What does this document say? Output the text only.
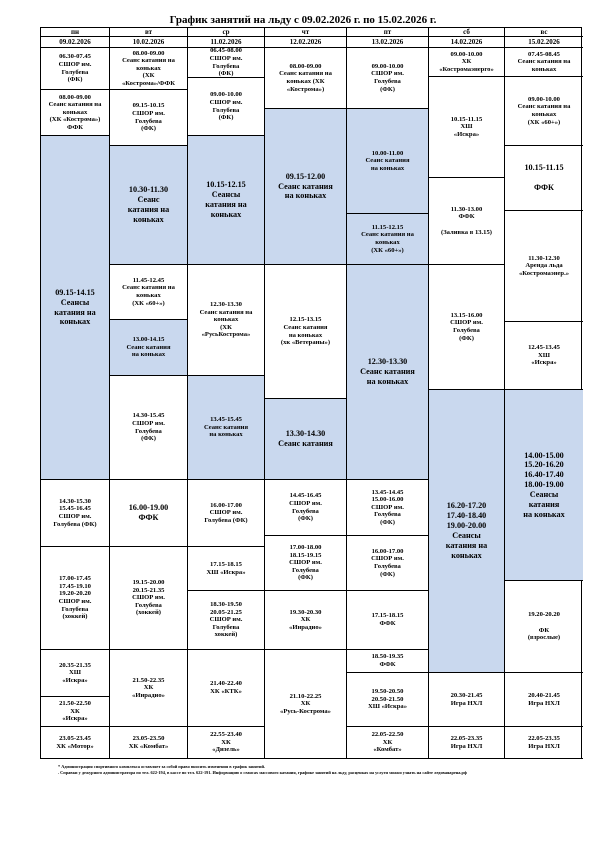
График занятий на льду с 09.02.2026 г. по 15.02.2026 г.
пн
09.02.2026
06.30-07.45
СШОР им.
Голубева
(ФК)
08.00-09.00
Сеанс катания на
коньках
(ХК «Кострома»)
ФФК
09.15-14.15
Сеансы
катания на
коньках
14.30-15.30
15.45-16.45
СШОР им.
Голубева (ФК)
17.00-17.45
17.45-19.10
19.20-20.20
СШОР им.
Голубева
(хоккей)
20.35-21.35
ХШ
«Искра»
21.50-22.50
ХК
«Искра»
23.05-23.45
ХК «Мотор»
вт
10.02.2026
08.00-09.00
Сеанс катания на
коньках
(ХК
«Кострома»/ФФК
09.15-10.15
СШОР им.
Голубева
(ФК)
10.30-11.30
Сеанс
катания на
коньках
11.45-12.45
Сеанс катания на
коньках
(ХК «60+»)
13.00-14.15
Сеанс катания
на коньках
14.30-15.45
СШОР им.
Голубева
(ФК)
16.00-19.00
ФФК
19.15-20.00
20.15-21.35
СШОР им.
Голубева
(хоккей)
21.50-22.35
ХК
«Инрадио»
23.05-23.50
ХК «Комбат»
ср
11.02.2026
06.45-08.00
СШОР им.
Голубева
(ФК)
09.00-10.00
СШОР им.
Голубева
(ФК)
10.15-12.15
Сеансы
катания на
коньках
12.30-13.30
Сеанс катания на
коньках
(ХК
«РусьКострома»
13.45-15.45
Сеанс катания
на коньках
16.00-17.00
СШОР им.
Голубева (ФК)
17.15-18.15
ХШ «Искра»
18.30-19.50
20.05-21.25
СШОР им.
Голубева
хоккей)
21.40-22.40
ХК «КТК»
22.55-23.40
ХК
«Дизель»
чт
12.02.2026
08.00-09.00
Сеанс катания на
коньках (ХК
«Кострома»)
09.15-12.00
Сеанс катания
на коньках
12.15-13.15
Сеанс катания
на коньках
(хк «Ветераны»)
13.30-14.30
Сеанс катания
14.45-16.45
СШОР им.
Голубева
(ФК)
17.00-18.00
18.15-19.15
СШОР им.
Голубева
(ФК)
19.30-20.30
ХК
«Инрадио»
21.10-22.25
ХК
«Русь-Кострома»
пт
13.02.2026
09.00-10.00
СШОР им.
Голубева
(ФК)
10.00-11.00
Сеанс катания
на коньках
11.15-12.15
Сеанс катания на
коньках
(ХК «60+»)
12.30-13.30
Сеанс катания
на коньках
13.45-14.45
15.00-16.00
СШОР им.
Голубева
(ФК)
16.00-17.00
СШОР им.
Голубева
(ФК)
17.15-18.15
ФФК
18.50-19.35
ФФК
19.50-20.50
20.50-21.50
ХШ «Искра»
22.05-22.50
ХК
«Комбат»
сб
14.02.2026
09.00-10.00
ХК
«Костромаэнерго»
10.15-11.15
ХШ
«Искра»
11.30-13.00
ФФК

(Заливка в 13.15)
13.15-16.00
СШОР им.
Голубева
(ФК)
16.20-17.20
17.40-18.40
19.00-20.00
Сеансы
катания на
коньках
20.30-21.45
Игра НХЛ
22.05-23.35
Игра НХЛ
вс
15.02.2026
07.45-08.45
Сеанс катания на
коньках
09.00-10.00
Сеанс катания на
коньках
(ХК «60+»)
10.15-11.15

ФФК
11.30-12.30
Аренда льда
«Костромаэнер.»
12.45-13.45
ХШ
«Искра»
14.00-15.00
15.20-16.20
16.40-17.40
18.00-19.00
Сеансы
катания
на коньках
19.20-20.20

ФК
(взрослые)
20.40-21.45
Игра НХЛ
22.05-23.35
Игра НХЛ
* Администрация спортивного комплекса оставляет за собой право вносить изменения в график занятий.
. Справки у дежурного администратора по тел. 622-194, в кассе по тел. 622-191. Информацию о сеансах массового катания, графике занятий на льду, расценках на услуги можно узнать на сайте ледоваяарена.рф
